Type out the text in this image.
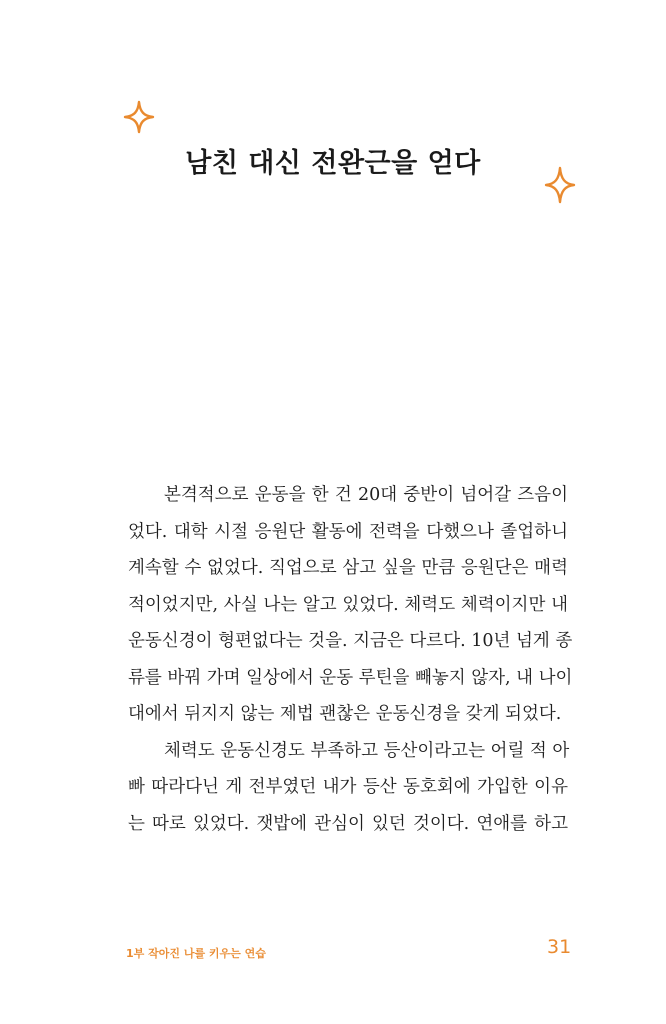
남친 대신 전완근을 얻다
본격적으로 운동을 한 건 20대 중반이 넘어갈 즈음이
었다. 대학 시절 응원단 활동에 전력을 다했으나 졸업하니
계속할 수 없었다. 직업으로 삼고 싶을 만큼 응원단은 매력
적이었지만, 사실 나는 알고 있었다. 체력도 체력이지만 내
운동신경이 형편없다는 것을. 지금은 다르다. 10년 넘게 종
류를 바꿔 가며 일상에서 운동 루틴을 빼놓지 않자, 내 나이
대에서 뒤지지 않는 제법 괜찮은 운동신경을 갖게 되었다.
체력도 운동신경도 부족하고 등산이라고는 어릴 적 아
빠 따라다닌 게 전부였던 내가 등산 동호회에 가입한 이유
는 따로 있었다. 잿밥에 관심이 있던 것이다. 연애를 하고
1부 작아진 나를 키우는 연습	31
